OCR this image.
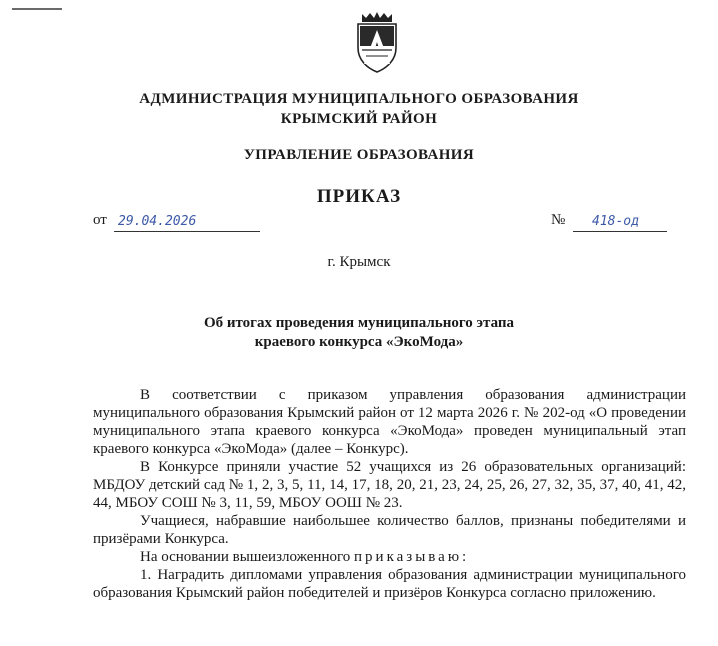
АДМИНИСТРАЦИЯ МУНИЦИПАЛЬНОГО ОБРАЗОВАНИЯ
КРЫМСКИЙ РАЙОН
УПРАВЛЕНИЕ ОБРАЗОВАНИЯ
ПРИКАЗ
от 29.04.2026	№ 418-од
г. Крымск
Об итогах проведения муниципального этапа
краевого конкурса «ЭкоМода»

В соответствии с приказом управления образования администрации муниципального образования Крымский район от 12 марта 2026 г. № 202-од «О проведении муниципального этапа краевого конкурса «ЭкоМода» проведен муниципальный этап краевого конкурса «ЭкоМода» (далее – Конкурс).

В Конкурсе приняли участие 52 учащихся из 26 образовательных организаций: МБДОУ детский сад № 1, 2, 3, 5, 11, 14, 17, 18, 20, 21, 23, 24, 25, 26, 27, 32, 35, 37, 40, 41, 42, 44, МБОУ СОШ № 3, 11, 59, МБОУ ООШ № 23.

Учащиеся, набравшие наибольшее количество баллов, признаны победителями и призёрами Конкурса.

На основании вышеизложенного приказываю:

1. Наградить дипломами управления образования администрации муниципального образования Крымский район победителей и призёров Конкурса согласно приложению.
